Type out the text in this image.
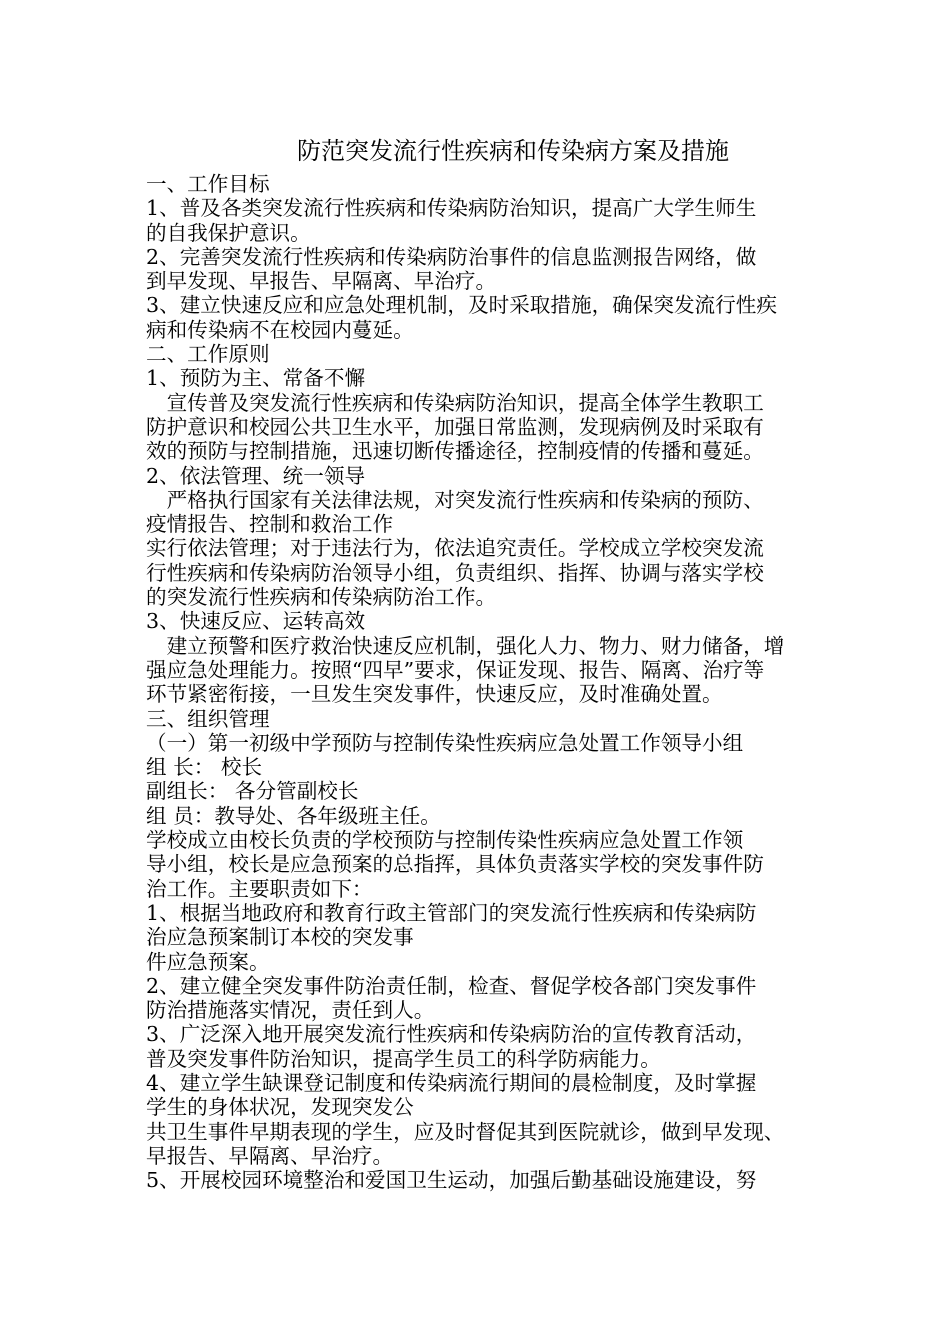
防范突发流行性疾病和传染病方案及措施
一、工作目标
1、普及各类突发流行性疾病和传染病防治知识，提高广大学生师生
的自我保护意识。
2、完善突发流行性疾病和传染病防治事件的信息监测报告网络，做
到早发现、早报告、早隔离、早治疗。
3、建立快速反应和应急处理机制，及时采取措施，确保突发流行性疾
病和传染病不在校园内蔓延。
二、工作原则
1、预防为主、常备不懈
　宣传普及突发流行性疾病和传染病防治知识，提高全体学生教职工
防护意识和校园公共卫生水平，加强日常监测，发现病例及时采取有
效的预防与控制措施，迅速切断传播途径，控制疫情的传播和蔓延。
2、依法管理、统一领导
　严格执行国家有关法律法规，对突发流行性疾病和传染病的预防、
疫情报告、控制和救治工作
实行依法管理；对于违法行为，依法追究责任。学校成立学校突发流
行性疾病和传染病防治领导小组，负责组织、指挥、协调与落实学校
的突发流行性疾病和传染病防治工作。
3、快速反应、运转高效
　建立预警和医疗救治快速反应机制，强化人力、物力、财力储备，增
强应急处理能力。按照“四早”要求，保证发现、报告、隔离、治疗等
环节紧密衔接，一旦发生突发事件，快速反应，及时准确处置。
三、组织管理
（一）第一初级中学预防与控制传染性疾病应急处置工作领导小组
组 长： 校长
副组长： 各分管副校长
组 员：教导处、各年级班主任。
学校成立由校长负责的学校预防与控制传染性疾病应急处置工作领
导小组，校长是应急预案的总指挥，具体负责落实学校的突发事件防
治工作。主要职责如下：
1、根据当地政府和教育行政主管部门的突发流行性疾病和传染病防
治应急预案制订本校的突发事
件应急预案。
2、建立健全突发事件防治责任制，检查、督促学校各部门突发事件
防治措施落实情况，责任到人。
3、广泛深入地开展突发流行性疾病和传染病防治的宣传教育活动，
普及突发事件防治知识，提高学生员工的科学防病能力。
4、建立学生缺课登记制度和传染病流行期间的晨检制度，及时掌握
学生的身体状况，发现突发公
共卫生事件早期表现的学生，应及时督促其到医院就诊，做到早发现、
早报告、早隔离、早治疗。
5、开展校园环境整治和爱国卫生运动，加强后勤基础设施建设，努
